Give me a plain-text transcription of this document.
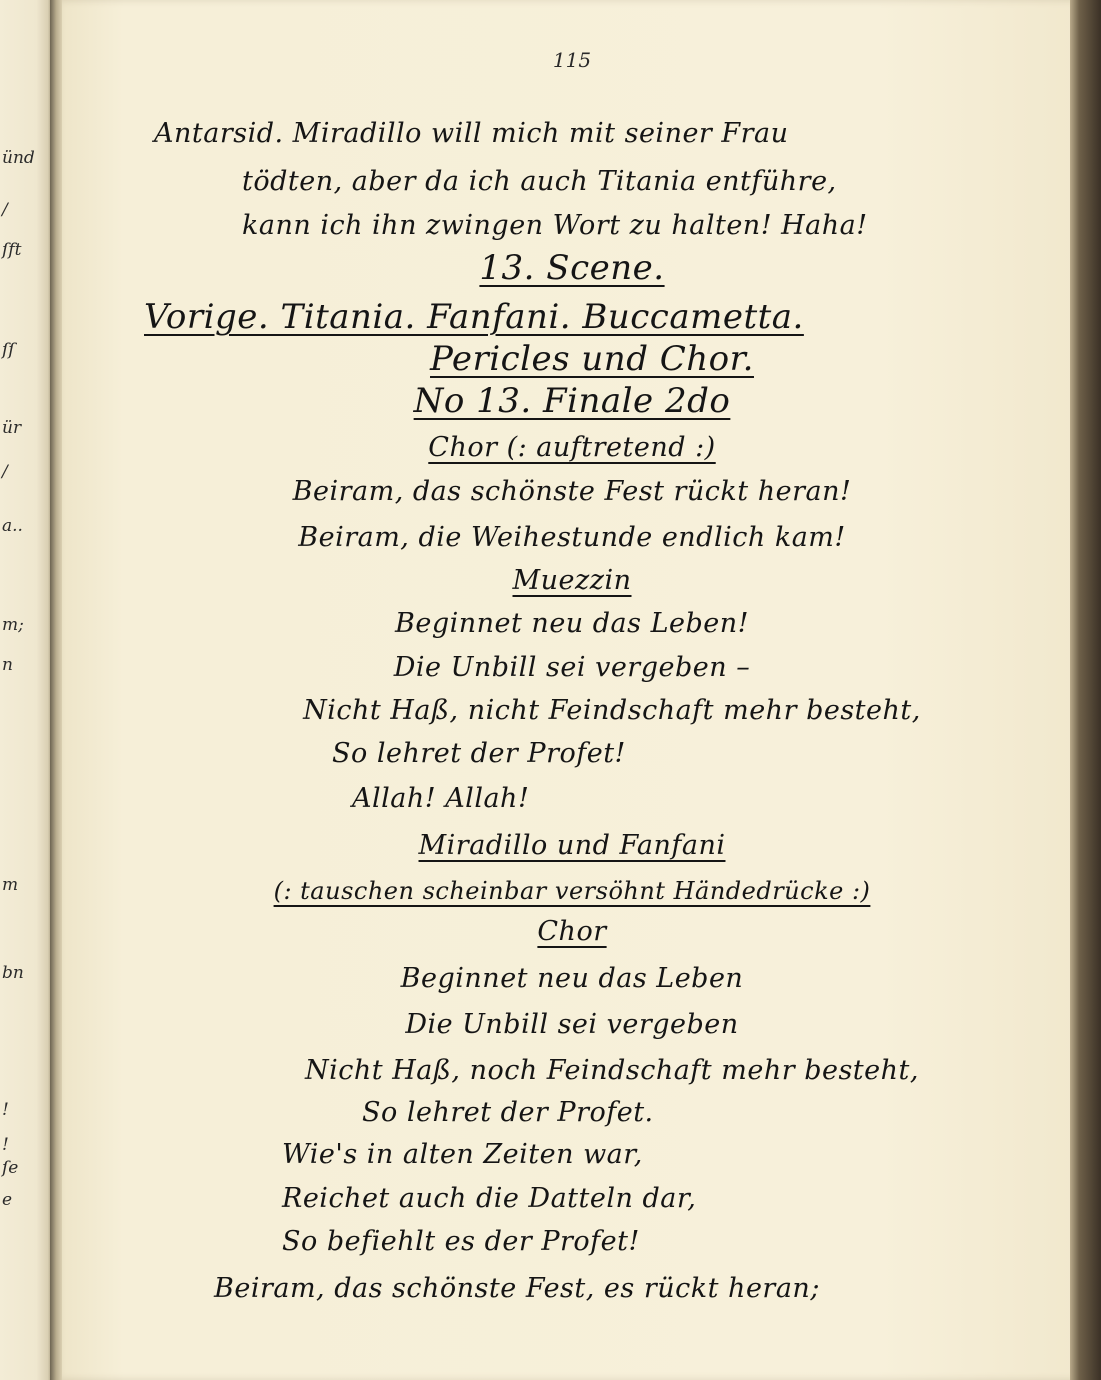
ünd
/
ſft
ſſ
ür
/
a..
m;
n
m
bn
!
!
ſe
e
115
Antarsid. Miradillo will mich mit seiner Frau
tödten, aber da ich auch Titania entführe,
kann ich ihn zwingen Wort zu halten! Haha!
13. Scene.
Vorige. Titania. Fanfani. Buccametta.
Pericles und Chor.
No 13. Finale 2do
Chor (: auftretend :)
Beiram, das schönste Fest rückt heran!
Beiram, die Weihestunde endlich kam!
Muezzin
Beginnet neu das Leben!
Die Unbill sei vergeben –
Nicht Haß, nicht Feindschaft mehr besteht,
So lehret der Profet!
Allah! Allah!
Miradillo und Fanfani
(: tauschen scheinbar versöhnt Händedrücke :)
Chor
Beginnet neu das Leben
Die Unbill sei vergeben
Nicht Haß, noch Feindschaft mehr besteht,
So lehret der Profet.
Wie's in alten Zeiten war,
Reichet auch die Datteln dar,
So befiehlt es der Profet!
Beiram, das schönste Fest, es rückt heran;
